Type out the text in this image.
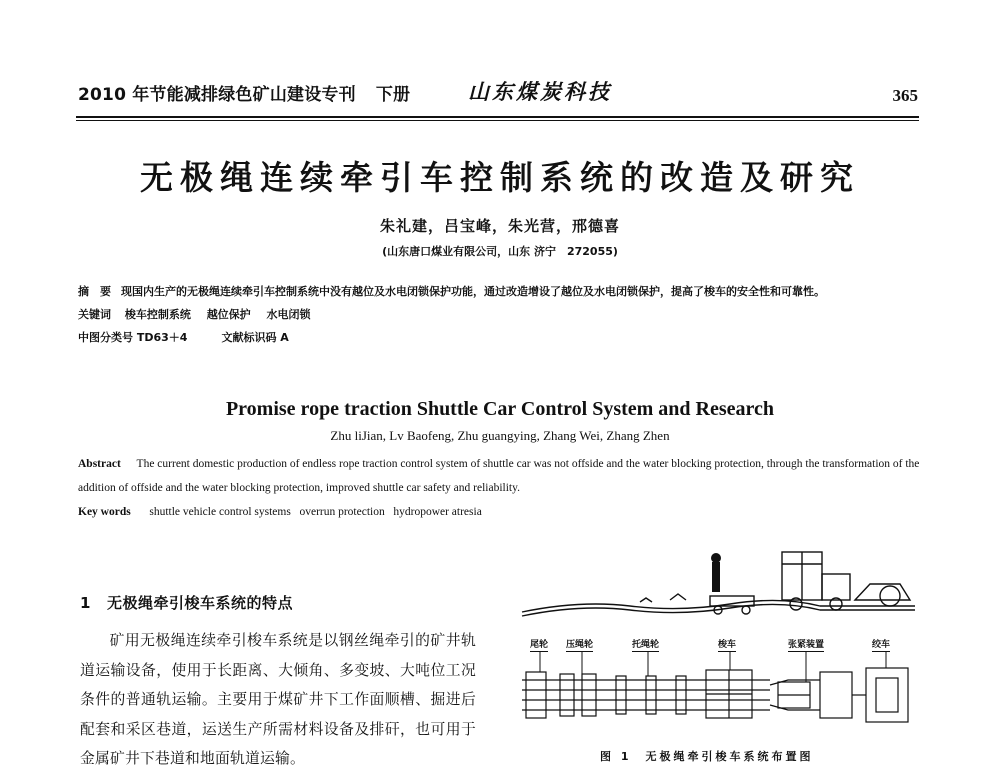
2010 年节能减排绿色矿山建设专刊 下册	山东煤炭科技	365
无极绳连续牵引车控制系统的改造及研究
朱礼建，吕宝峰，朱光营，邢德喜
(山东唐口煤业有限公司，山东 济宁　272055)
摘　要 现国内生产的无极绳连续牵引车控制系统中没有越位及水电闭锁保护功能，通过改造增设了越位及水电闭锁保护，提高了梭车的安全性和可靠性。
关键词 梭车控制系统 越位保护 水电闭锁
中图分类号 TD63＋4	文献标识码 A
Promise rope traction Shuttle Car Control System and Research
Zhu liJian, Lv Baofeng, Zhu guangying, Zhang Wei, Zhang Zhen
Abstract The current domestic production of endless rope traction control system of shuttle car was not offside and the water blocking protection, through the transformation of the addition of offside and the water blocking protection, improved shuttle car safety and reliability.
Key words shuttle vehicle control systems overrun protection hydropower atresia
1 无极绳牵引梭车系统的特点
矿用无极绳连续牵引梭车系统是以钢丝绳牵引的矿井轨道运输设备，使用于长距离、大倾角、多变坡、大吨位工况条件的普通轨运输。主要用于煤矿井下工作面顺槽、掘进后配套和采区巷道，运送生产所需材料设备及排矸，也可用于金属矿井下巷道和地面轨道运输。
尾轮 压绳轮	托绳轮	梭车	张紧装置	绞车
图 1　无极绳牵引梭车系统布置图
